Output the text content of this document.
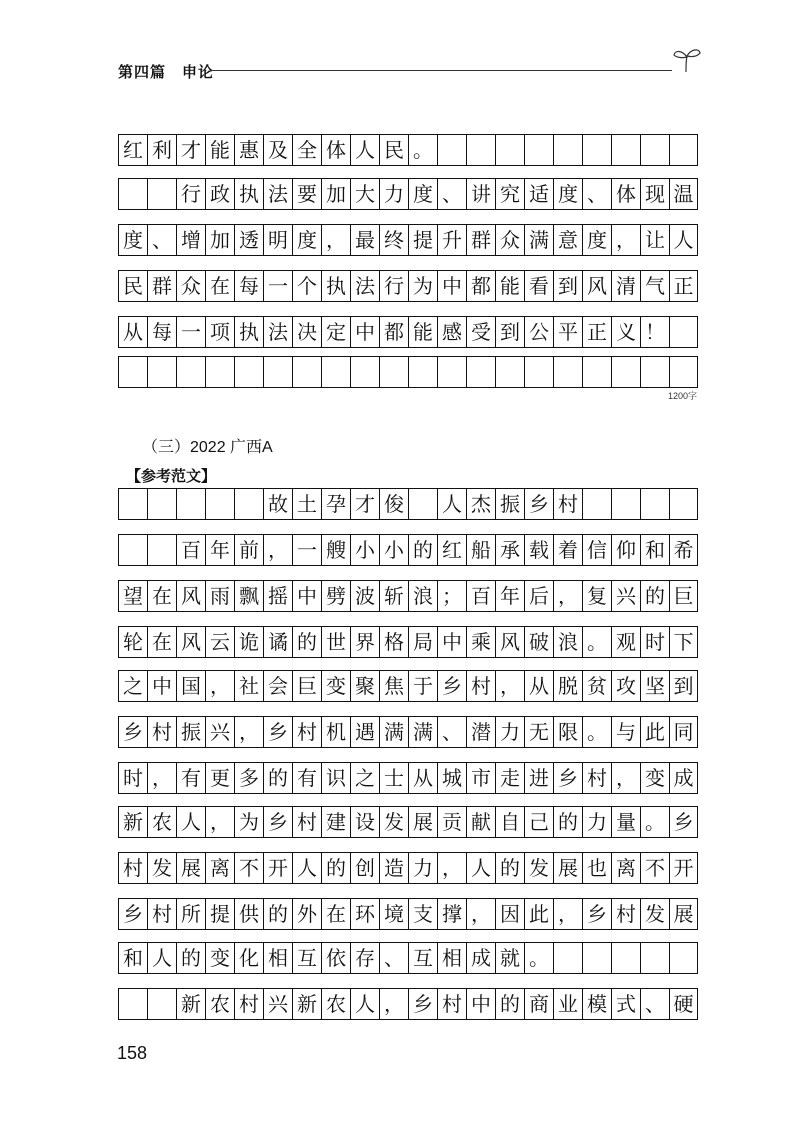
第四篇　申论
红 利 才 能 惠 及 全 体 人 民 。
行 政 执 法 要 加 大 力 度 、 讲 究 适 度 、 体 现 温
度 、 增 加 透 明 度 ， 最 终 提 升 群 众 满 意 度 ， 让 人
民 群 众 在 每 一 个 执 法 行 为 中 都 能 看 到 风 清 气 正
从 每 一 项 执 法 决 定 中 都 能 感 受 到 公 平 正 义 ！
1200字
（三）2022 广西A
【参考范文】
故 土 孕 才 俊 人 杰 振 乡 村
百 年 前 ， 一 艘 小 小 的 红 船 承 载 着 信 仰 和 希
望 在 风 雨 飘 摇 中 劈 波 斩 浪 ； 百 年 后 ， 复 兴 的 巨
轮 在 风 云 诡 谲 的 世 界 格 局 中 乘 风 破 浪 。 观 时 下
之 中 国 ， 社 会 巨 变 聚 焦 于 乡 村 ， 从 脱 贫 攻 坚 到
乡 村 振 兴 ， 乡 村 机 遇 满 满 、 潜 力 无 限 。 与 此 同
时 ， 有 更 多 的 有 识 之 士 从 城 市 走 进 乡 村 ， 变 成
新 农 人 ， 为 乡 村 建 设 发 展 贡 献 自 己 的 力 量 。 乡
村 发 展 离 不 开 人 的 创 造 力 ， 人 的 发 展 也 离 不 开
乡 村 所 提 供 的 外 在 环 境 支 撑 ， 因 此 ， 乡 村 发 展
和 人 的 变 化 相 互 依 存 、 互 相 成 就 。
新 农 村 兴 新 农 人 ， 乡 村 中 的 商 业 模 式 、 硬
158
